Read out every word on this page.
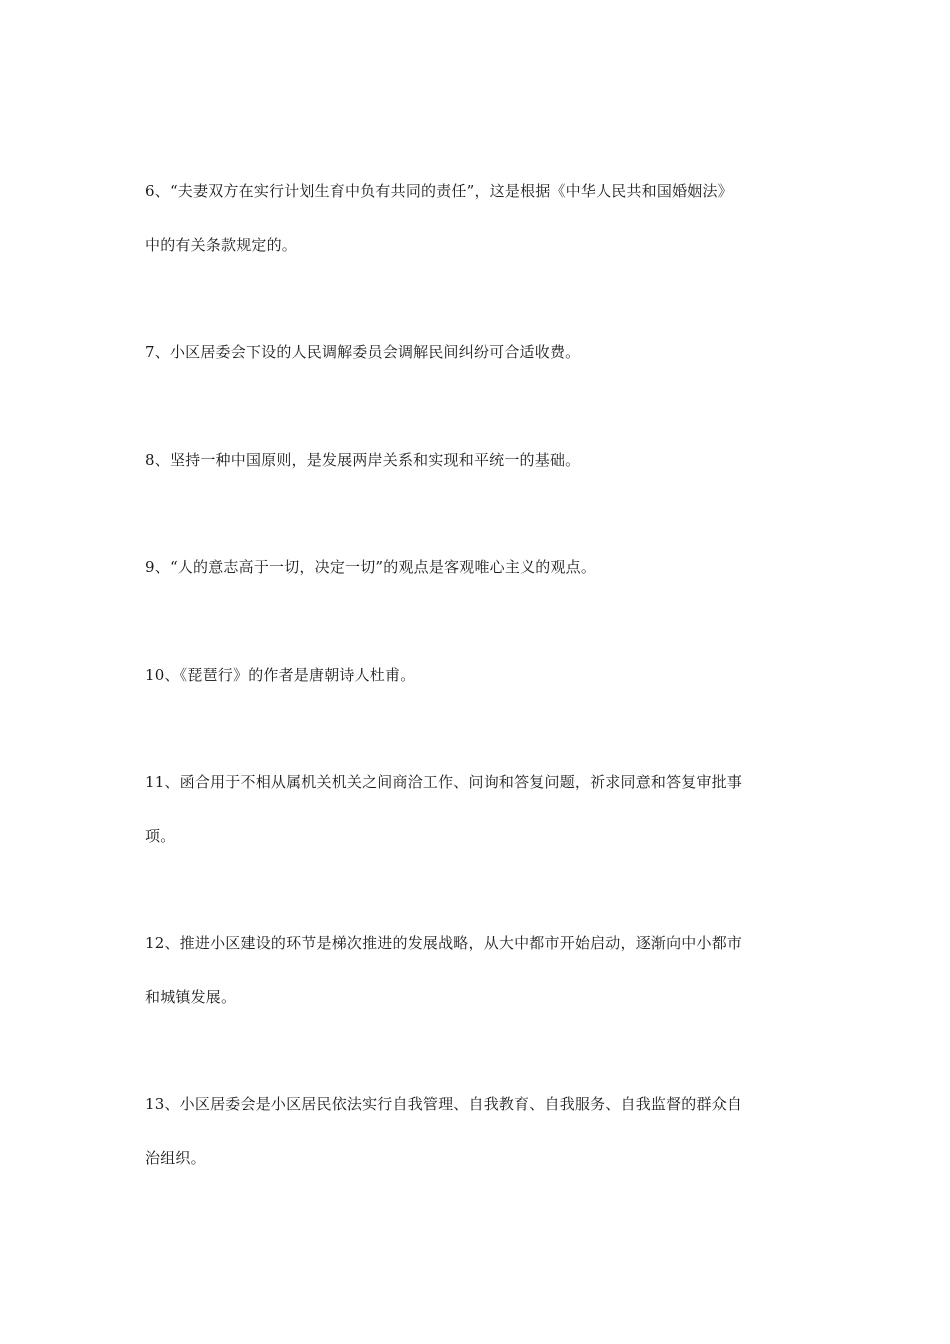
6、“夫妻双方在实行计划生育中负有共同的责任”，这是根据《中华人民共和国婚姻法》
中的有关条款规定的。
7、小区居委会下设的人民调解委员会调解民间纠纷可合适收费。
8、坚持一种中国原则，是发展两岸关系和实现和平统一的基础。
9、“人的意志高于一切，决定一切”的观点是客观唯心主义的观点。
10、《琵琶行》的作者是唐朝诗人杜甫。
11、函合用于不相从属机关机关之间商洽工作、问询和答复问题，祈求同意和答复审批事
项。
12、推进小区建设的环节是梯次推进的发展战略，从大中都市开始启动，逐渐向中小都市
和城镇发展。
13、小区居委会是小区居民依法实行自我管理、自我教育、自我服务、自我监督的群众自
治组织。
